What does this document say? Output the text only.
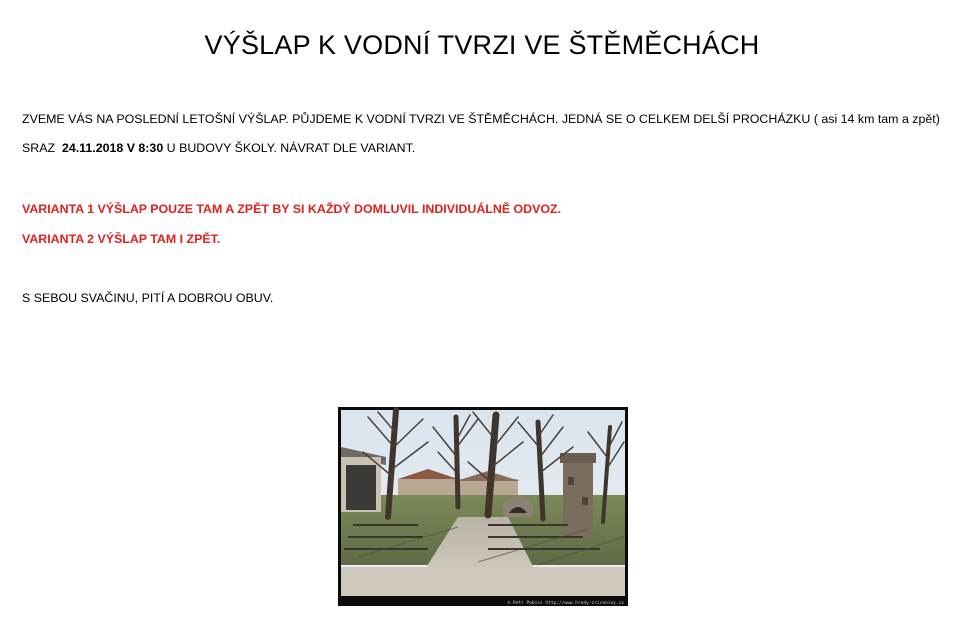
VÝŠLAP K VODNÍ TVRZI VE ŠTĚMĚCHÁCH

ZVEME VÁS NA POSLEDNÍ LETOŠNÍ VÝŠLAP. PŮJDEME K VODNÍ TVRZI VE ŠTĚMĚCHÁCH. JEDNÁ SE O CELKEM DELŠÍ PROCHÁZKU ( asi 14 km tam a zpět)

SRAZ 24.11.2018 V 8:30 U BUDOVY ŠKOLY. NÁVRAT DLE VARIANT.

VARIANTA 1 VÝŠLAP POUZE TAM A ZPĚT BY SI KAŽDÝ DOMLUVIL INDIVIDUÁLNĚ ODVOZ.

VARIANTA 2 VÝŠLAP TAM I ZPĚT.

S SEBOU SVAČINU, PITÍ A DOBROU OBUV.

© Petr Pobiss http://www.hrady-zriceniny.cz
